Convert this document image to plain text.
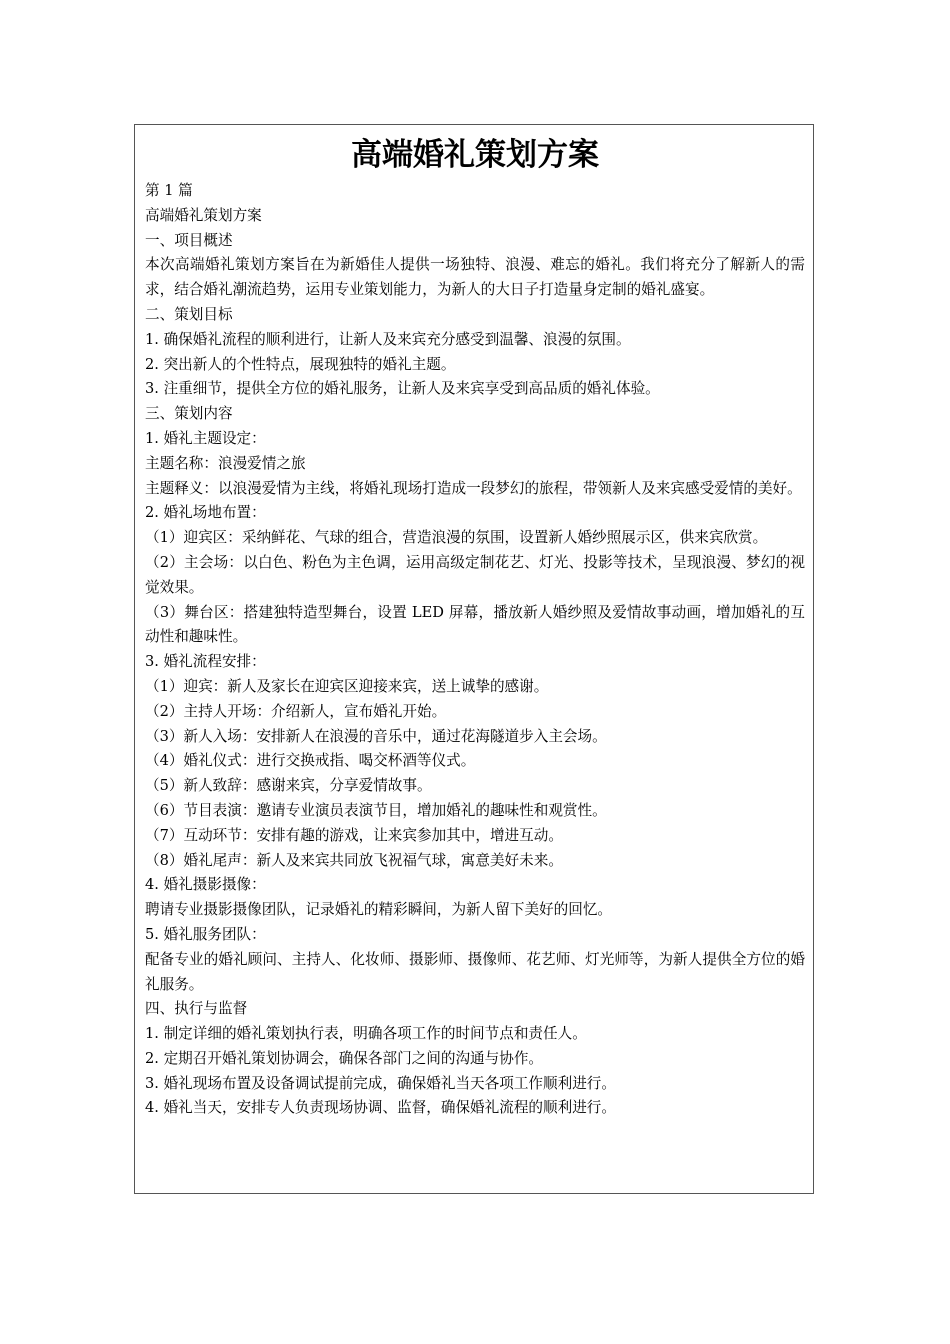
高端婚礼策划方案
第 1 篇
高端婚礼策划方案
一、项目概述
本次高端婚礼策划方案旨在为新婚佳人提供一场独特、浪漫、难忘的婚礼。我们将充分了解新人的需求，结合婚礼潮流趋势，运用专业策划能力，为新人的大日子打造量身定制的婚礼盛宴。
二、策划目标
1. 确保婚礼流程的顺利进行，让新人及来宾充分感受到温馨、浪漫的氛围。
2. 突出新人的个性特点，展现独特的婚礼主题。
3. 注重细节，提供全方位的婚礼服务，让新人及来宾享受到高品质的婚礼体验。
三、策划内容
1. 婚礼主题设定：
主题名称：浪漫爱情之旅
主题释义：以浪漫爱情为主线，将婚礼现场打造成一段梦幻的旅程，带领新人及来宾感受爱情的美好。
2. 婚礼场地布置：
（1）迎宾区：采纳鲜花、气球的组合，营造浪漫的氛围，设置新人婚纱照展示区，供来宾欣赏。
（2）主会场：以白色、粉色为主色调，运用高级定制花艺、灯光、投影等技术，呈现浪漫、梦幻的视觉效果。
（3）舞台区：搭建独特造型舞台，设置 LED 屏幕，播放新人婚纱照及爱情故事动画，增加婚礼的互动性和趣味性。
3. 婚礼流程安排：
（1）迎宾：新人及家长在迎宾区迎接来宾，送上诚挚的感谢。
（2）主持人开场：介绍新人，宣布婚礼开始。
（3）新人入场：安排新人在浪漫的音乐中，通过花海隧道步入主会场。
（4）婚礼仪式：进行交换戒指、喝交杯酒等仪式。
（5）新人致辞：感谢来宾，分享爱情故事。
（6）节目表演：邀请专业演员表演节目，增加婚礼的趣味性和观赏性。
（7）互动环节：安排有趣的游戏，让来宾参加其中，增进互动。
（8）婚礼尾声：新人及来宾共同放飞祝福气球，寓意美好未来。
4. 婚礼摄影摄像：
聘请专业摄影摄像团队，记录婚礼的精彩瞬间，为新人留下美好的回忆。
5. 婚礼服务团队：
配备专业的婚礼顾问、主持人、化妆师、摄影师、摄像师、花艺师、灯光师等，为新人提供全方位的婚礼服务。
四、执行与监督
1. 制定详细的婚礼策划执行表，明确各项工作的时间节点和责任人。
2. 定期召开婚礼策划协调会，确保各部门之间的沟通与协作。
3. 婚礼现场布置及设备调试提前完成，确保婚礼当天各项工作顺利进行。
4. 婚礼当天，安排专人负责现场协调、监督，确保婚礼流程的顺利进行。
